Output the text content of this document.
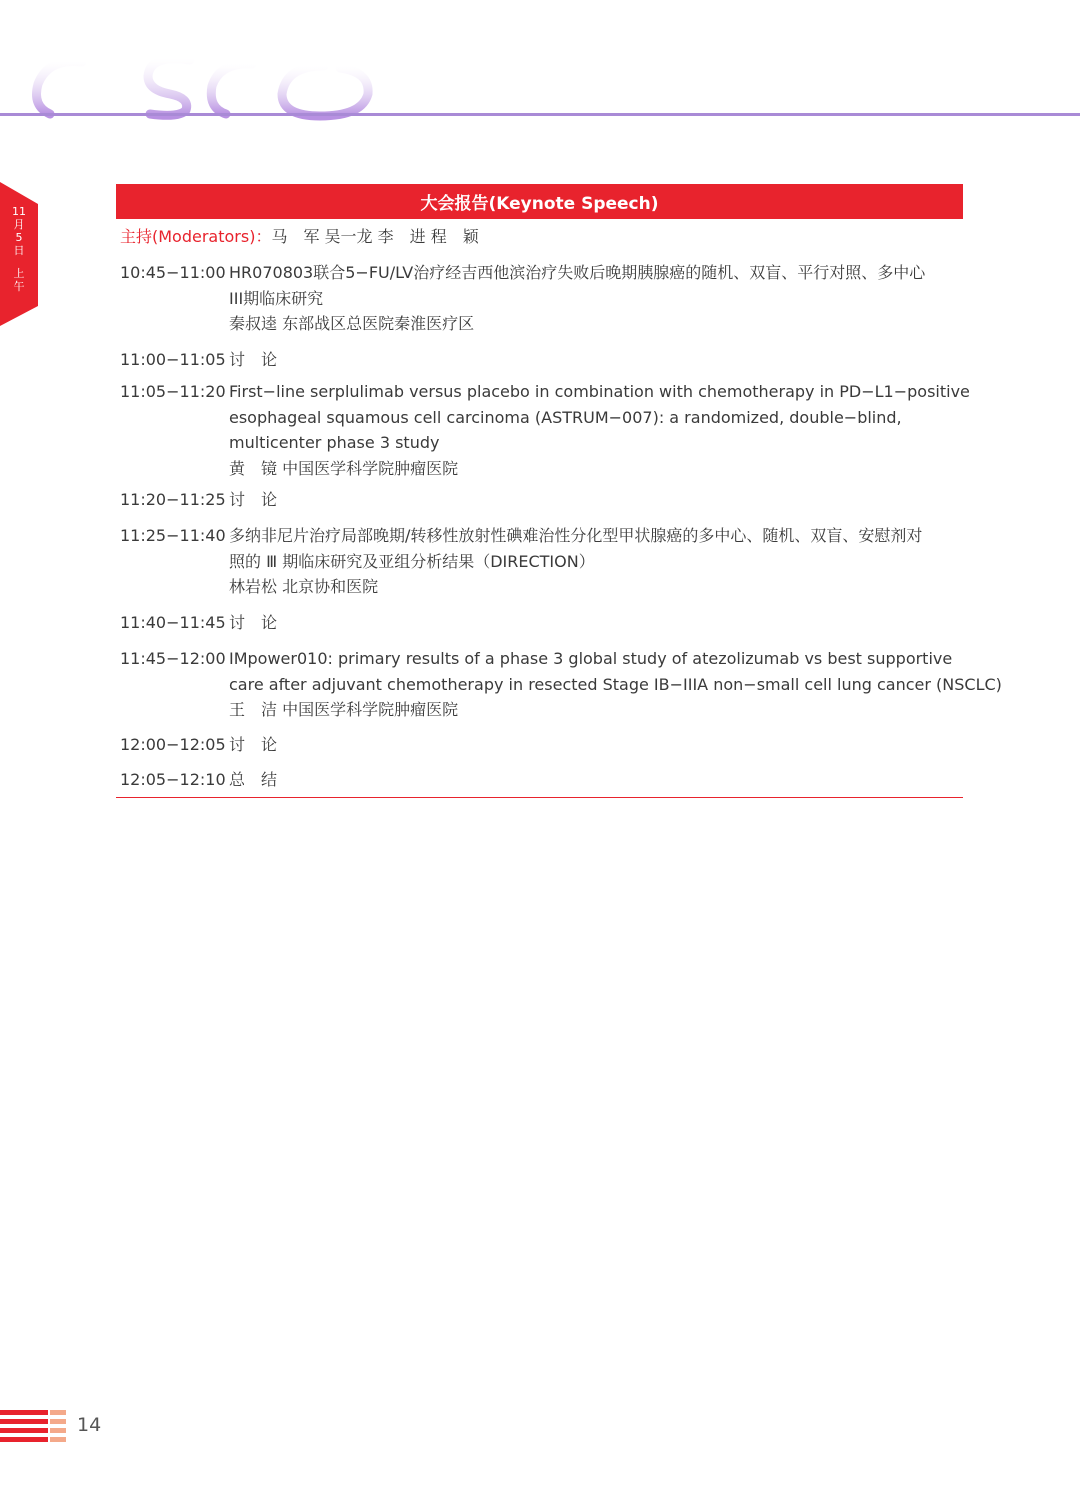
CSCO
11
月
5
日
上
午
大会报告(Keynote Speech)
主持(Moderators)：马　军 吴一龙 李　进 程　颖
10:45−11:00 HR070803联合5−FU/LV治疗经吉西他滨治疗失败后晚期胰腺癌的随机、双盲、平行对照、多中心
III期临床研究
秦叔逵 东部战区总医院秦淮医疗区
11:00−11:05 讨　论
11:05−11:20 First−line serplulimab versus placebo in combination with chemotherapy in PD−L1−positive
esophageal squamous cell carcinoma (ASTRUM−007): a randomized, double−blind,
multicenter phase 3 study
黄　镜 中国医学科学院肿瘤医院
11:20−11:25 讨　论
11:25−11:40 多纳非尼片治疗局部晚期/转移性放射性碘难治性分化型甲状腺癌的多中心、随机、双盲、安慰剂对
照的 Ⅲ 期临床研究及亚组分析结果（DIRECTION）
林岩松 北京协和医院
11:40−11:45 讨　论
11:45−12:00 IMpower010: primary results of a phase 3 global study of atezolizumab vs best supportive
care after adjuvant chemotherapy in resected Stage IB−IIIA non−small cell lung cancer (NSCLC)
王　洁 中国医学科学院肿瘤医院
12:00−12:05 讨　论
12:05−12:10 总　结
14
